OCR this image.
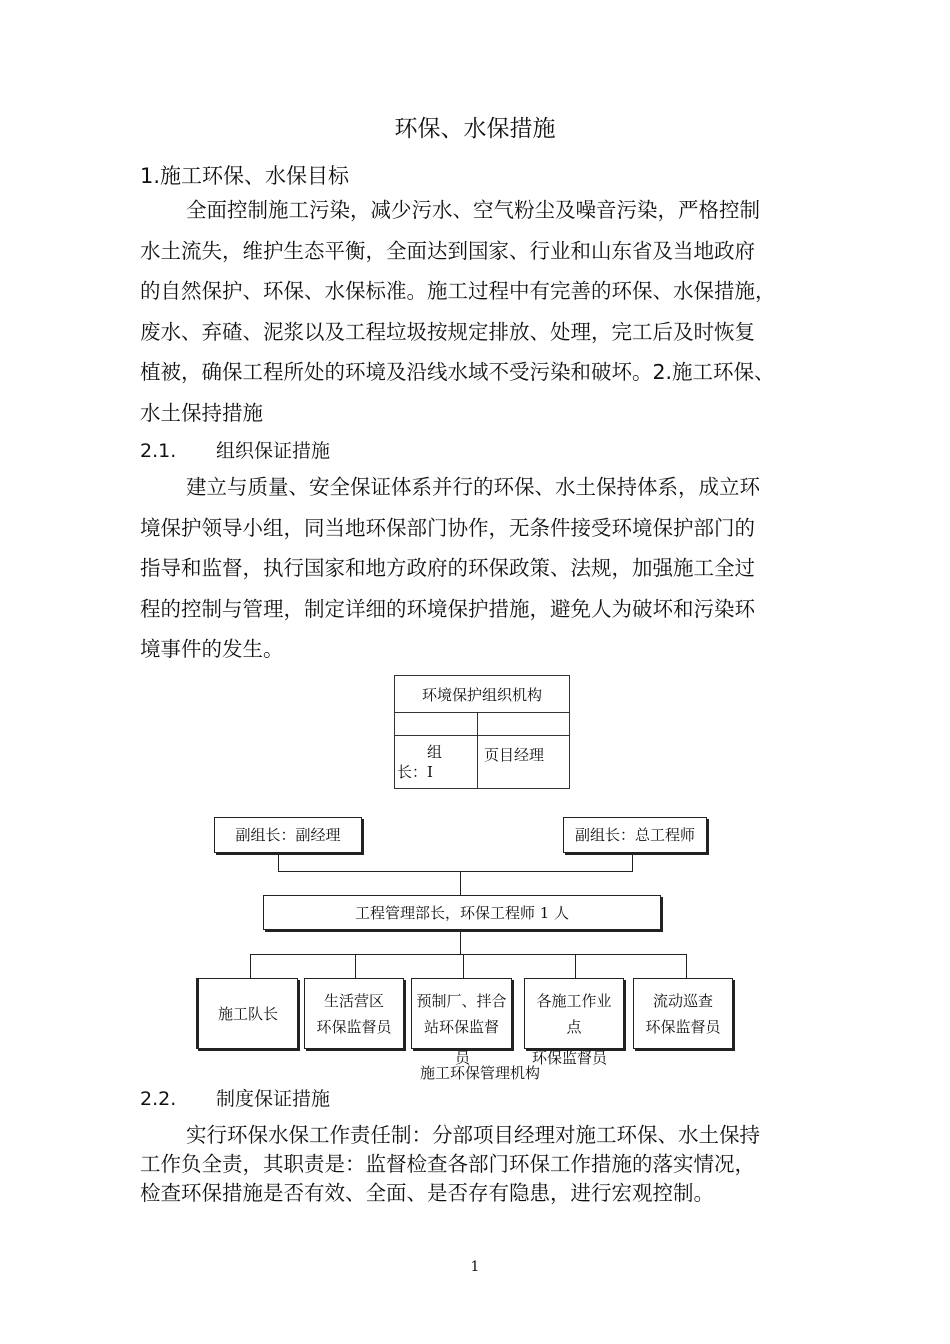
环保、水保措施
1.施工环保、水保目标
全面控制施工污染，减少污水、空气粉尘及噪音污染，严格控制
水土流失，维护生态平衡，全面达到国家、行业和山东省及当地政府
的自然保护、环保、水保标准。施工过程中有完善的环保、水保措施，
废水、弃碴、泥浆以及工程垃圾按规定排放、处理，完工后及时恢复
植被，确保工程所处的环境及沿线水域不受污染和破坏。2.施工环保、
水土保持措施
2.1. 组织保证措施
建立与质量、安全保证体系并行的环保、水土保持体系，成立环
境保护领导小组，同当地环保部门协作，无条件接受环境保护部门的
指导和监督，执行国家和地方政府的环保政策、法规，加强施工全过
程的控制与管理，制定详细的环境保护措施，避免人为破坏和污染环
境事件的发生。
环境保护组织机构	

组
长：I	页目经理
副组长：副经理	副组长：总工程师
工程管理部长，环保工程师 1 人
施工队长
生活营区
环保监督员
预制厂、拌合
站环保监督
各施工作业
点
流动巡查
环保监督员
员	环保监督员
施工环保管理机构
2.2. 制度保证措施
实行环保水保工作责任制：分部项目经理对施工环保、水土保持
工作负全责，其职责是：监督检查各部门环保工作措施的落实情况，
检查环保措施是否有效、全面、是否存有隐患，进行宏观控制。
1
